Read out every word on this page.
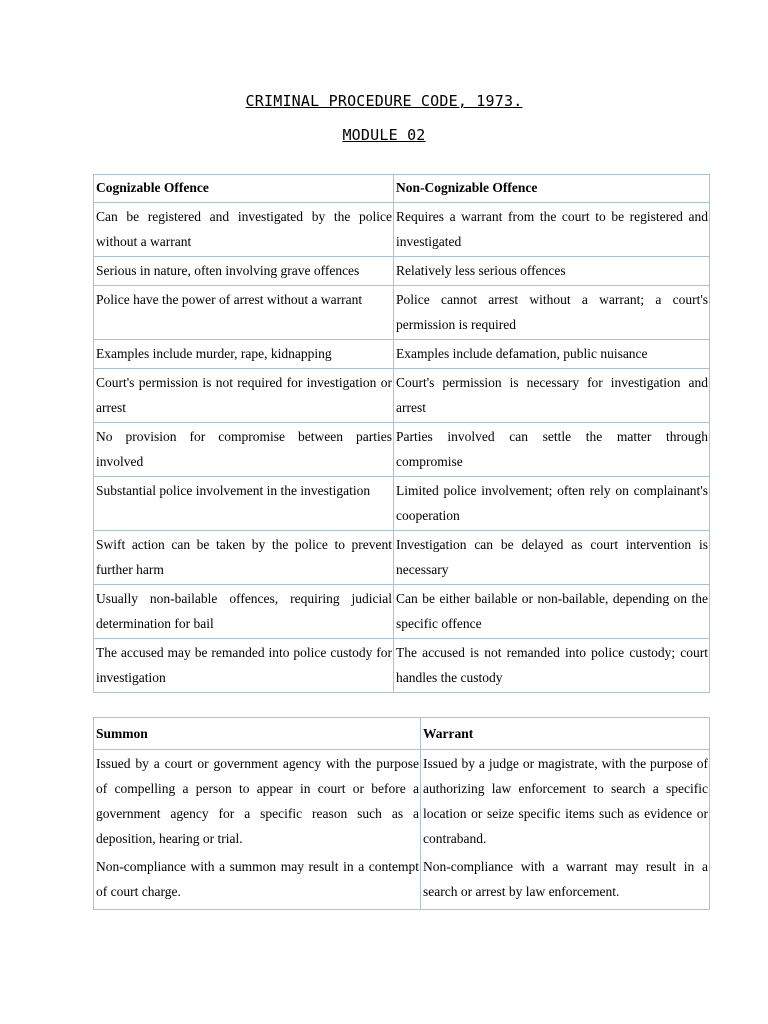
CRIMINAL PROCEDURE CODE, 1973.
MODULE 02
Cognizable Offence	Non-Cognizable Offence
Can be registered and investigated by the police without a warrant	Requires a warrant from the court to be registered and investigated
Serious in nature, often involving grave offences	Relatively less serious offences
Police have the power of arrest without a warrant	Police cannot arrest without a warrant; a court's permission is required
Examples include murder, rape, kidnapping	Examples include defamation, public nuisance
Court's permission is not required for investigation or arrest	Court's permission is necessary for investigation and arrest
No provision for compromise between parties involved	Parties involved can settle the matter through compromise
Substantial police involvement in the investigation	Limited police involvement; often rely on complainant's cooperation
Swift action can be taken by the police to prevent further harm	Investigation can be delayed as court intervention is necessary
Usually non-bailable offences, requiring judicial determination for bail	Can be either bailable or non-bailable, depending on the specific offence
The accused may be remanded into police custody for investigation	The accused is not remanded into police custody; court handles the custody
Summon	Warrant
Issued by a court or government agency with the purpose of compelling a person to appear in court or before a government agency for a specific reason such as a deposition, hearing or trial.	Issued by a judge or magistrate, with the purpose of authorizing law enforcement to search a specific location or seize specific items such as evidence or contraband.
Non-compliance with a summon may result in a contempt of court charge.	Non-compliance with a warrant may result in a search or arrest by law enforcement.
